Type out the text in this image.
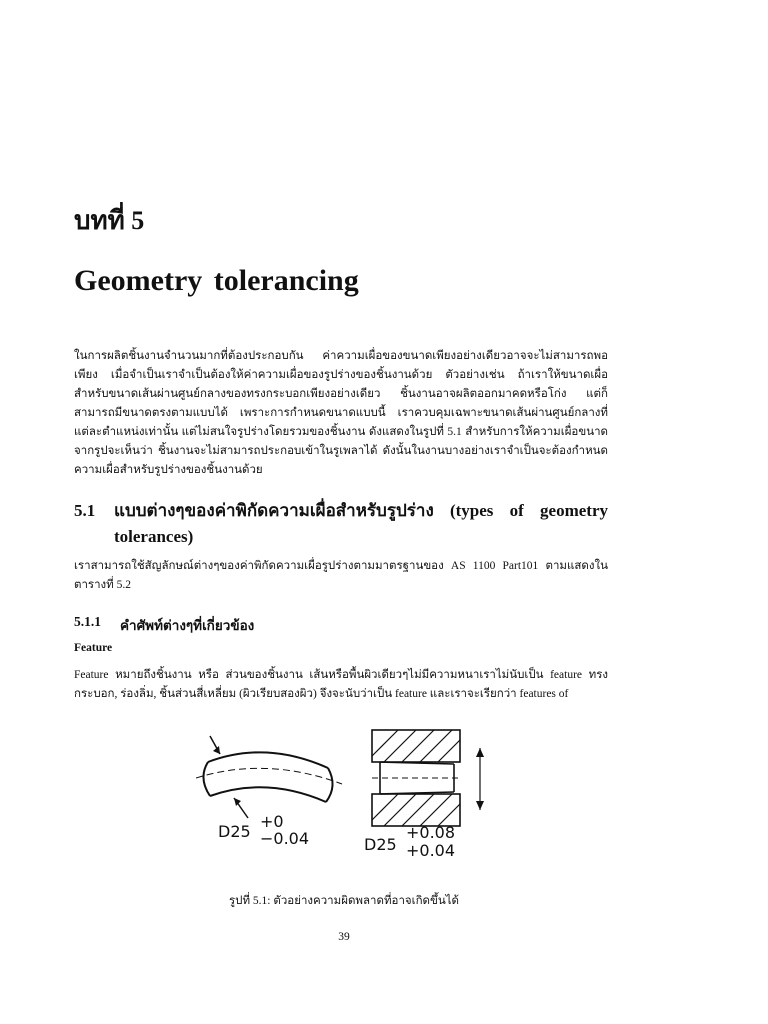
บทที่ 5
Geometry tolerancing

ในการผลิตชิ้นงานจำนวนมากที่ต้องประกอบกัน ค่าความเผื่อของขนาดเพียงอย่างเดียวอาจจะไม่สามารถพอเพียง เมื่อจำเป็นเราจำเป็นต้องให้ค่าความเผื่อของรูปร่างของชิ้นงานด้วย ตัวอย่างเช่น ถ้าเราให้ขนาดเผื่อสำหรับขนาดเส้นผ่านศูนย์กลางของทรงกระบอกเพียงอย่างเดียว ชิ้นงานอาจผลิตออกมาคดหรือโก่ง แต่ก็สามารถมีขนาดตรงตามแบบได้ เพราะการกำหนดขนาดแบบนี้ เราควบคุมเฉพาะขนาดเส้นผ่านศูนย์กลางที่แต่ละตำแหน่งเท่านั้น แต่ไม่สนใจรูปร่างโดยรวมของชิ้นงาน ดังแสดงในรูปที่ 5.1 สำหรับการให้ความเผื่อขนาด จากรูปจะเห็นว่า ชิ้นงานจะไม่สามารถประกอบเข้าในรูเพลาได้ ดังนั้นในงานบางอย่างเราจำเป็นจะต้องกำหนดความเผื่อสำหรับรูปร่างของชิ้นงานด้วย

5.1	แบบต่างๆของค่าพิกัดความเผื่อสำหรับรูปร่าง (types of geometry tolerances)

เราสามารถใช้สัญลักษณ์ต่างๆของค่าพิกัดความเผื่อรูปร่างตามมาตรฐานของ AS 1100 Part101 ตามแสดงในตารางที่ 5.2

5.1.1	คำศัพท์ต่างๆที่เกี่ยวข้อง

Feature

Feature หมายถึงชิ้นงาน หรือ ส่วนของชิ้นงาน เส้นหรือพื้นผิวเดียวๆไม่มีความหนาเราไม่นับเป็น feature ทรงกระบอก, ร่องลิ่ม, ชิ้นส่วนสี่เหลี่ยม (ผิวเรียบสองผิว) จึงจะนับว่าเป็น feature และเราจะเรียกว่า features of

D25
+0
−0.04	D25
+0.08
+0.04

รูปที่ 5.1: ตัวอย่างความผิดพลาดที่อาจเกิดขึ้นได้

39
